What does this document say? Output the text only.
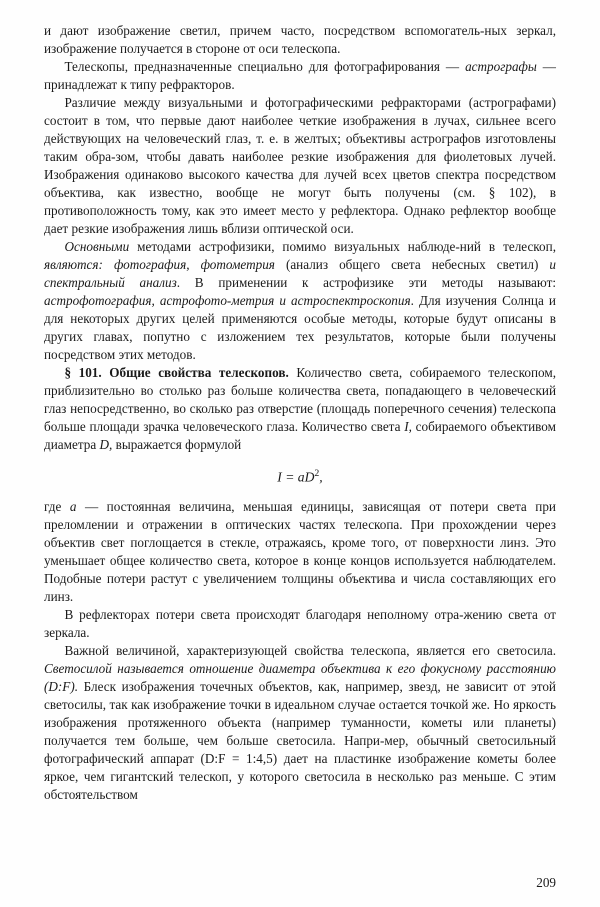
и дают изображение светил, причем часто, посредством вспомогатель-ных зеркал, изображение получается в стороне от оси телескопа.

Телескопы, предназначенные специально для фотографирования — астрографы — принадлежат к типу рефракторов.

Различие между визуальными и фотографическими рефракторами (астрографами) состоит в том, что первые дают наиболее четкие изображения в лучах, сильнее всего действующих на человеческий глаз, т. е. в желтых; объективы астрографов изготовлены таким обра-зом, чтобы давать наиболее резкие изображения для фиолетовых лучей. Изображения одинаково высокого качества для лучей всех цветов спектра посредством объектива, как известно, вообще не могут быть получены (см. § 102), в противоположность тому, как это имеет место у рефлектора. Однако рефлектор вообще дает резкие изображения лишь вблизи оптической оси.

Основными методами астрофизики, помимо визуальных наблюде-ний в телескоп, являются: фотография, фотометрия (анализ общего света небесных светил) и спектральный анализ. В применении к астрофизике эти методы называют: астрофотография, астрофото-метрия и астроспектроскопия. Для изучения Солнца и для некоторых других целей применяются особые методы, которые будут описаны в других главах, попутно с изложением тех результатов, которые были получены посредством этих методов.

§ 101. Общие свойства телескопов. Количество света, собираемого телескопом, приблизительно во столько раз больше количества света, попадающего в человеческий глаз непосредственно, во сколько раз отверстие (площадь поперечного сечения) телескопа больше площади зрачка человеческого глаза. Количество света I, собираемого объективом диаметра D, выражается формулой

$I = aD^2$,

где а — постоянная величина, меньшая единицы, зависящая от потери света при преломлении и отражении в оптических частях телескопа. При прохождении через объектив свет поглощается в стекле, отражаясь, кроме того, от поверхности линз. Это уменьшает общее количество света, которое в конце концов используется наблюдателем. Подобные потери растут с увеличением толщины объектива и числа составляющих его линз.

В рефлекторах потери света происходят благодаря неполному отра-жению света от зеркала.

Важной величиной, характеризующей свойства телескопа, является его светосила. Светосилой называется отношение диаметра объектива к его фокусному расстоянию (D:F). Блеск изображения точечных объектов, как, например, звезд, не зависит от этой светосилы, так как изображение точки в идеальном случае остается точкой же. Но яркость изображения протяженного объекта (например туманности, кометы или планеты) получается тем больше, чем больше светосила. Напри-мер, обычный светосильный фотографический аппарат (D:F = 1:4,5) дает на пластинке изображение кометы более яркое, чем гигантский телескоп, у которого светосила в несколько раз меньше. С этим обстоятельством

209
